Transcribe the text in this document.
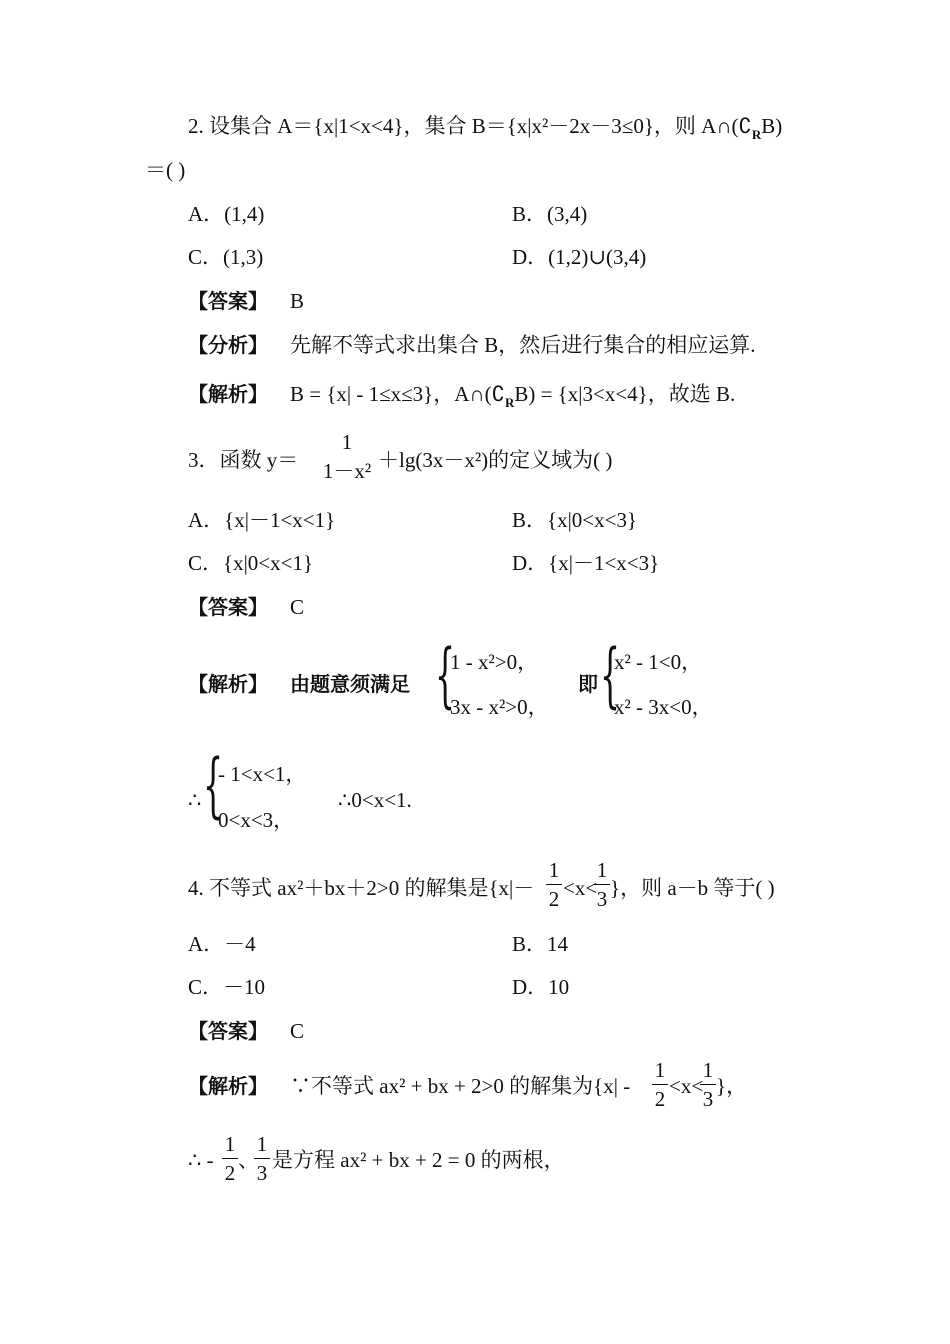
2. 设集合 A＝{x|1<x<4}，集合 B＝{x|x²－2x－3≤0}，则 $A\cap(∁_RB)$
＝( )
A．(1,4)	B．(3,4)
C．(1,3)	D．(1,2)∪(3,4)
【答案】 B
【分析】 先解不等式求出集合 B，然后进行集合的相应运算.
【解析】 B = {x| - 1≤x≤3}，$A\cap(∁_RB) = \{x|3<x<4\}$，故选 B.
3．函数 y＝
1
1－x² ＋lg(3x－x²)的定义域为( )
A．{x|－1<x<1}	B．{x|0<x<3}
C．{x|0<x<1}	D．{x|－1<x<3}
【答案】 C
【解析】 由题意须满足 {
1 - x²>0，
3x - x²>0，
即 {
x² - 1<0，
x² - 3x<0，
∴ {
- 1<x<1，
0<x<3，
∴0<x<1.
4. 不等式 ax²＋bx＋2>0 的解集是{x|－
1
2 <x<
1
3 }，则 a－b 等于( )
A．－4	B．14
C．－10	D．10
【答案】 C
【解析】 ∵不等式 ax² + bx + 2>0 的解集为{x| -
1
2
<x<
1
3
}，
∴ -
1
2
、
1
3
是方程 ax² + bx + 2 = 0 的两根，
